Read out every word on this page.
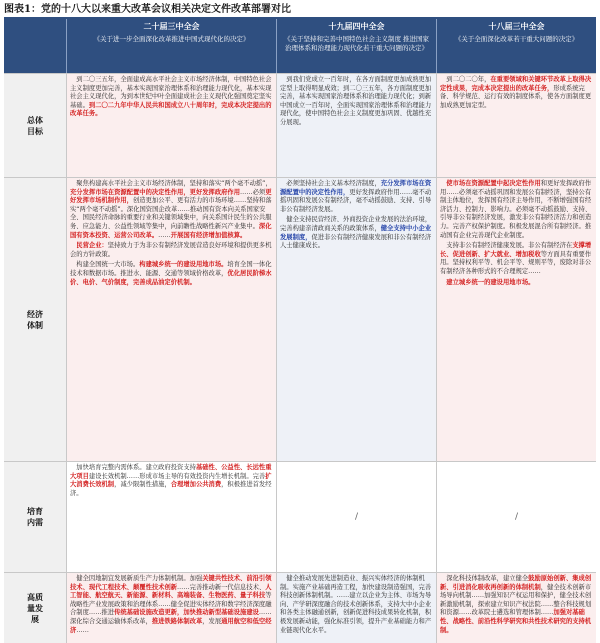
图表1：党的十八大以来重大改革会议相关决定文件改革部署对比
二十届三中全会
《关于进一步全面深化改革推进中国式现代化的决定》
十九届四中全会
《关于坚持和完善中国特色社会主义制度 推进国家治理体系和治理能力现代化若干重大问题的决定》
十八届三中全会
《关于全面深化改革若干重大问题的决定》
总体目标

到二〇三五年，全面建成高水平社会主义市场经济体制，中国特色社会主义制度更加完善，基本实现国家治理体系和治理能力现代化，基本实现社会主义现代化，为到本世纪中叶全面建成社会主义现代化强国奠定坚实基础。到二〇二九年中华人民共和国成立八十周年时，完成本决定提出的改革任务。

到我们党成立一百年时，在各方面制度更加成熟更加定型上取得明显成效；到二〇三五年，各方面制度更加完善，基本实现国家治理体系和治理能力现代化；到新中国成立一百年时，全面实现国家治理体系和治理能力现代化，使中国特色社会主义制度更加巩固、优越性充分展现。

到二〇二〇年，在重要领域和关键环节改革上取得决定性成果，完成本决定提出的改革任务，形成系统完备、科学规范、运行有效的制度体系，使各方面制度更加成熟更加定型。

经济体制

聚焦构建高水平社会主义市场经济体制，坚持和落实“两个毫不动摇”，充分发挥市场在资源配置中的决定性作用，更好发挥政府作用……必须更好发挥市场机制作用，创造更加公平、更有活力的市场环境……坚持和落实“两个毫不动摇”。深化国资国企改革……推动国有资本向关系国家安全、国民经济命脉的重要行业和关键领域集中，向关系国计民生的公共服务、应急能力、公益性领域等集中，向前瞻性战略性新兴产业集中。深化国有资本投资、运营公司改革。……开展国有经济增加值核算。

民营企业：坚持致力于为非公有制经济发展营造良好环境和提供更多机会的方针政策。

构建全国统一大市场。构建城乡统一的建设用地市场。培育全国一体化技术和数据市场。推进水、能源、交通等领域价格改革，优化居民阶梯水价、电价、气价制度，完善成品油定价机制。

必须坚持社会主义基本经济制度，充分发挥市场在资源配置中的决定性作用，更好发挥政府作用……毫不动摇巩固和发展公有制经济，毫不动摇鼓励、支持、引导非公有制经济发展。

健全支持民营经济、外商投资企业发展的法治环境，完善构建亲清政商关系的政策体系，健全支持中小企业发展制度，促进非公有制经济健康发展和非公有制经济人士健康成长。

使市场在资源配置中起决定性作用和更好发挥政府作用……必须毫不动摇巩固和发展公有制经济，坚持公有制主体地位，发挥国有经济主导作用，不断增强国有经济活力、控制力、影响力。必须毫不动摇鼓励、支持、引导非公有制经济发展，激发非公有制经济活力和创造力。完善产权保护制度。积极发展混合所有制经济。推动国有企业完善现代企业制度。

支持非公有制经济健康发展。非公有制经济在支撑增长、促进创新、扩大就业、增加税收等方面具有重要作用。坚持权利平等、机会平等、规则平等，废除对非公有制经济各种形式的不合理规定……

建立城乡统一的建设用地市场。

培育内需

加快培育完整内需体系。建立政府投资支持基础性、公益性、长远性重大项目建设长效机制……形成市场主导的有效投资内生增长机制。完善扩大消费长效机制，减少限制性措施，合理增加公共消费，积极推进首发经济。

/	/
高质量发展

健全因地制宜发展新质生产力体制机制。加强关键共性技术、前沿引领技术、现代工程技术、颠覆性技术创新……完善推动新一代信息技术、人工智能、航空航天、新能源、新材料、高端装备、生物医药、量子科技等战略性产业发展政策和治理体系……健全促进实体经济和数字经济深度融合制度……推进传统基础设施改造更新，加快推动新型基础设施建设……深化综合交通运输体系改革，推进铁路体制改革，发展通用航空和低空经济……

健全推动发展先进制造业、振兴实体经济的体制机制。实施产业基础再造工程，加快建设制造强国，完善科技创新体制机制。……建立以企业为主体、市场为导向、产学研深度融合的技术创新体系，支持大中小企业和各类主体融通创新，创新促进科技成果转化机制，积极发展新动能，强化标准引领，提升产业基础能力和产业链现代化水平。

深化科技体制改革，建立健全鼓励原始创新、集成创新、引进消化吸收再创新的体制机制，健全技术创新市场导向机制……加强知识产权运用和保护，健全技术创新激励机制，探索建立知识产权法院……整合科技规划和资源……改革院士遴选和管理体制……加强对基础性、战略性、前沿性科学研究和共性技术研究的支持机制。
